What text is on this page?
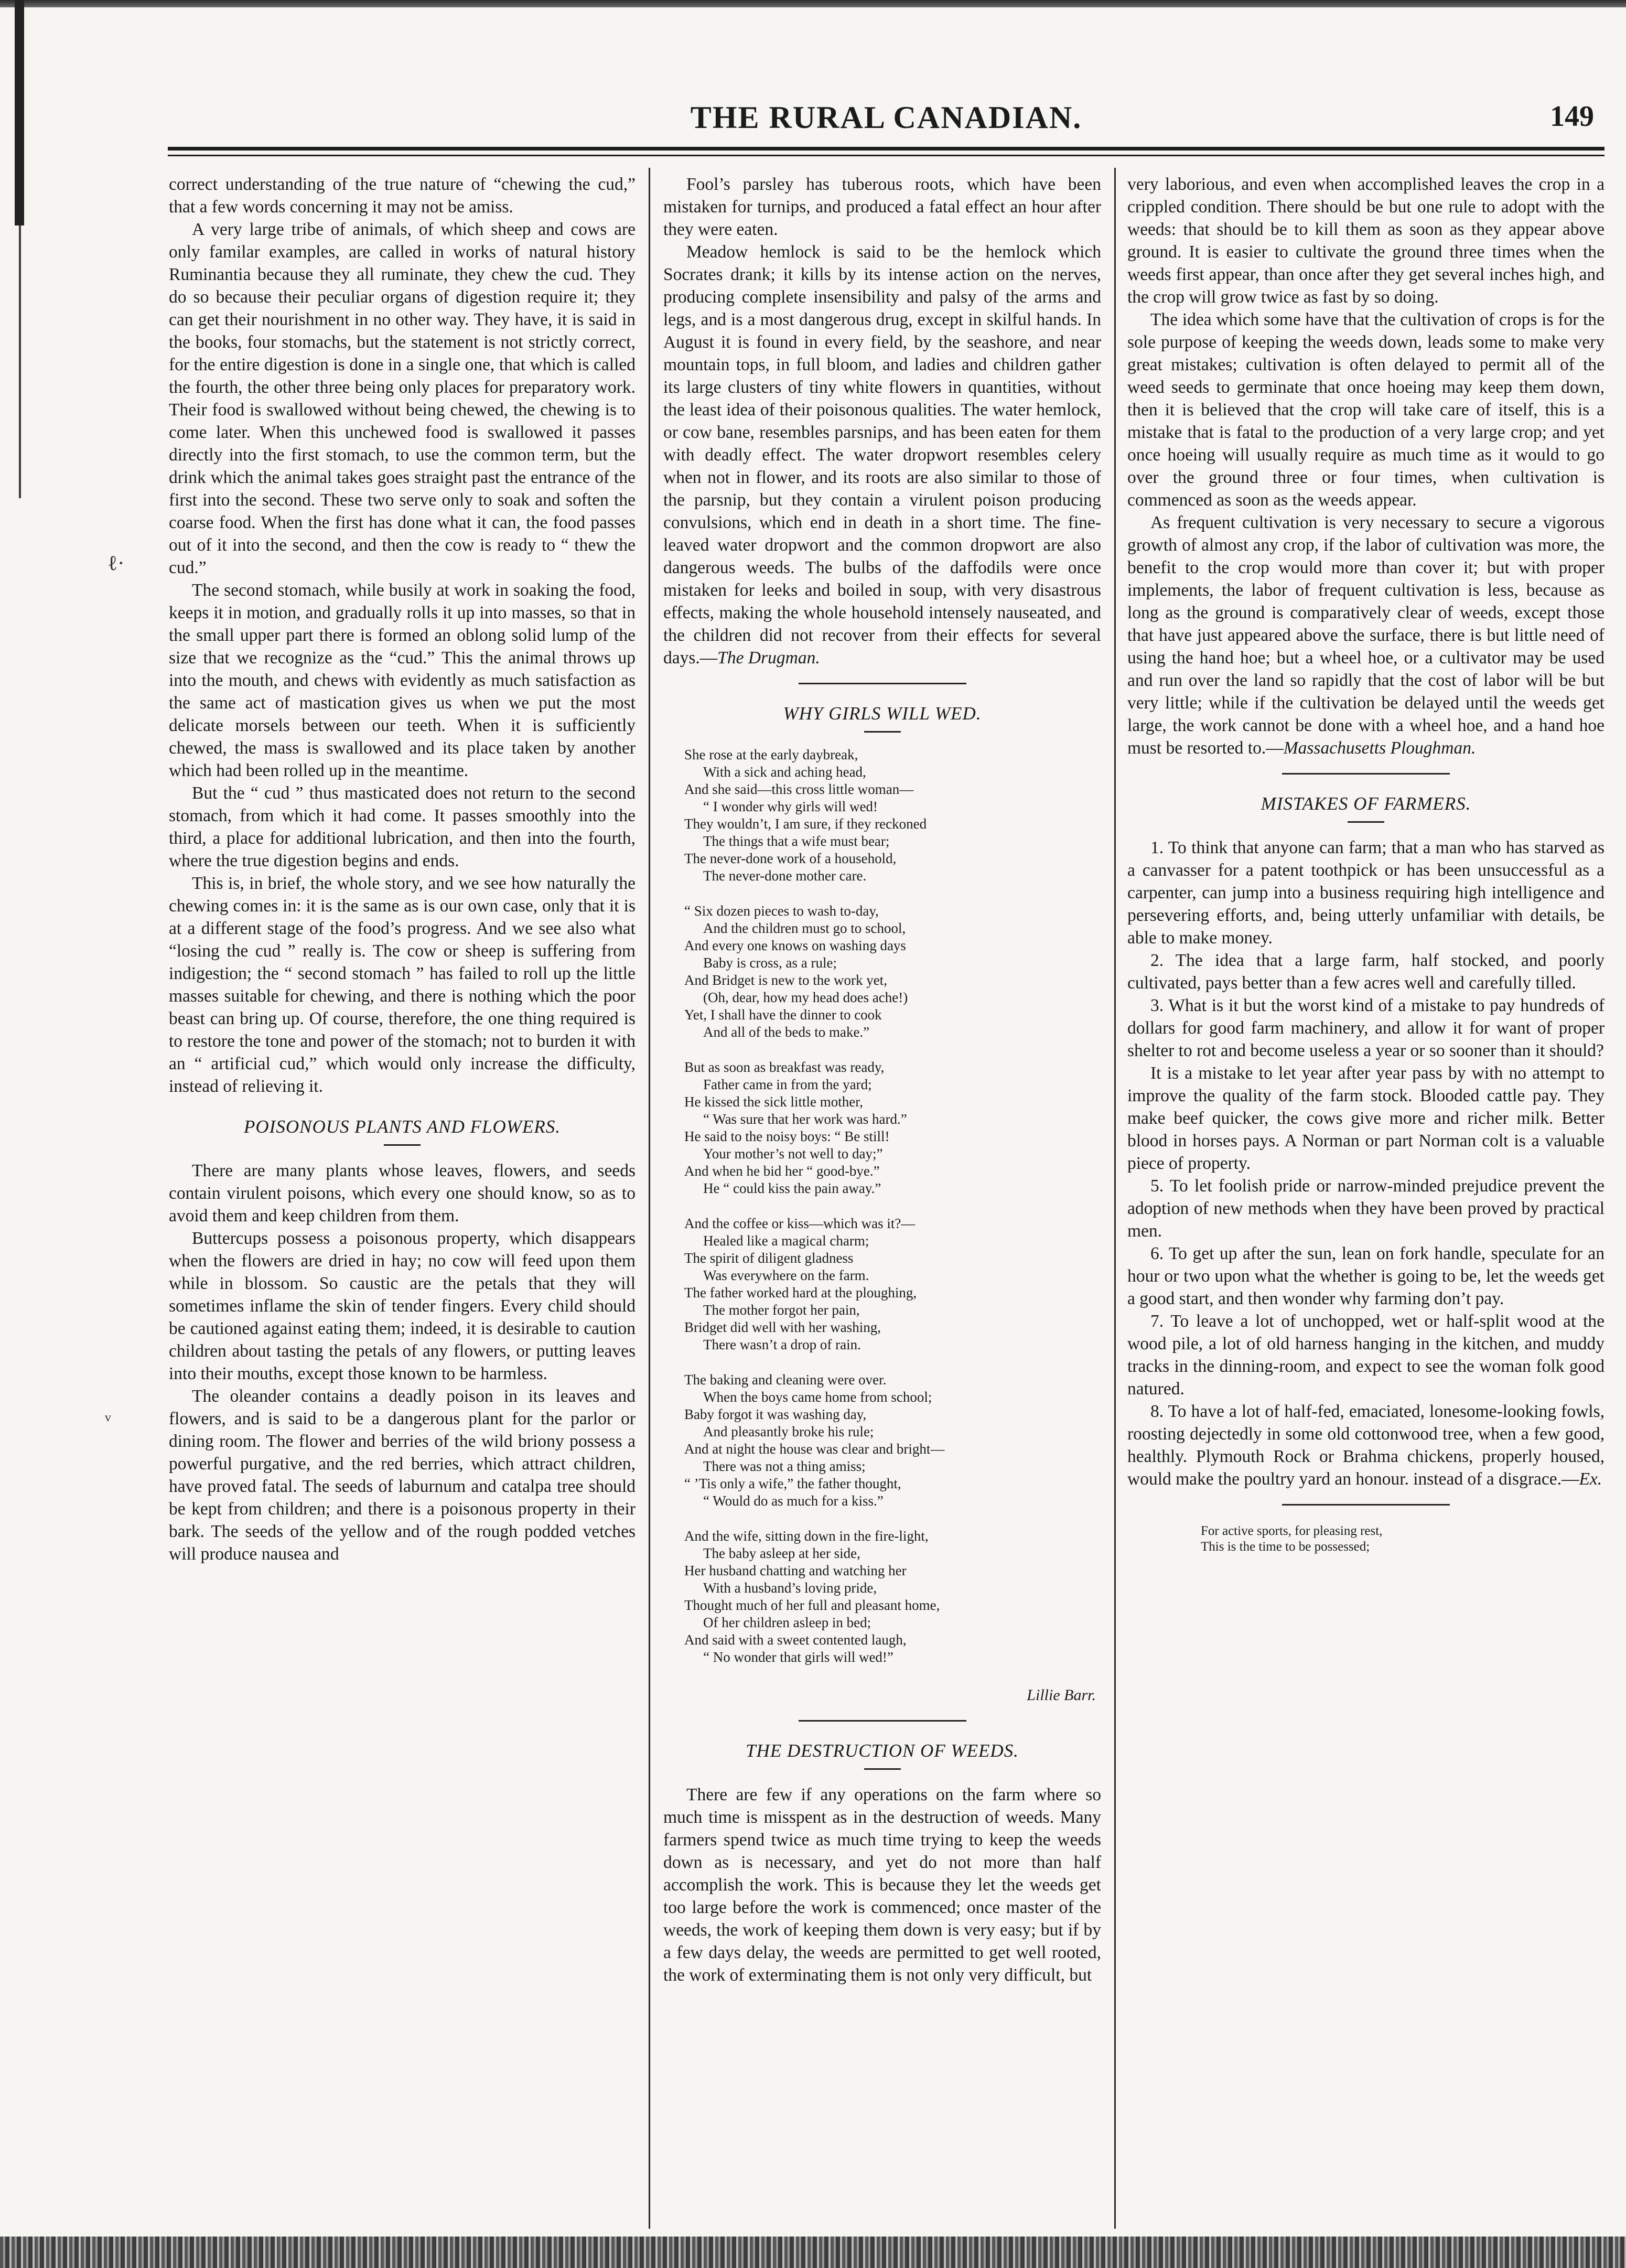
THE RURAL CANADIAN.	149

correct understanding of the true nature of “chewing the cud,” that a few words concerning it may not be amiss.

A very large tribe of animals, of which sheep and cows are only familar examples, are called in works of natural history Ruminantia because they all ruminate, they chew the cud. They do so because their peculiar organs of digestion require it; they can get their nourishment in no other way. They have, it is said in the books, four stomachs, but the statement is not strictly correct, for the entire digestion is done in a single one, that which is called the fourth, the other three being only places for preparatory work. Their food is swallowed without being chewed, the chewing is to come later. When this unchewed food is swallowed it passes directly into the first stomach, to use the common term, but the drink which the animal takes goes straight past the entrance of the first into the second. These two serve only to soak and soften the coarse food. When the first has done what it can, the food passes out of it into the second, and then the cow is ready to “ thew the cud.”

The second stomach, while busily at work in soaking the food, keeps it in motion, and gradually rolls it up into masses, so that in the small upper part there is formed an oblong solid lump of the size that we recognize as the “cud.” This the animal throws up into the mouth, and chews with evidently as much satisfaction as the same act of mastication gives us when we put the most delicate morsels between our teeth. When it is sufficiently chewed, the mass is swallowed and its place taken by another which had been rolled up in the meantime.

But the “ cud ” thus masticated does not return to the second stomach, from which it had come. It passes smoothly into the third, a place for additional lubrication, and then into the fourth, where the true digestion begins and ends.

This is, in brief, the whole story, and we see how naturally the chewing comes in: it is the same as is our own case, only that it is at a different stage of the food’s progress. And we see also what “losing the cud ” really is. The cow or sheep is suffering from indigestion; the “ second stomach ” has failed to roll up the little masses suitable for chewing, and there is nothing which the poor beast can bring up. Of course, therefore, the one thing required is to restore the tone and power of the stomach; not to burden it with an “ artificial cud,” which would only increase the difficulty, instead of relieving it.

POISONOUS PLANTS AND FLOWERS.

There are many plants whose leaves, flowers, and seeds contain virulent poisons, which every one should know, so as to avoid them and keep children from them.

Buttercups possess a poisonous property, which disappears when the flowers are dried in hay; no cow will feed upon them while in blossom. So caustic are the petals that they will sometimes inflame the skin of tender fingers. Every child should be cautioned against eating them; indeed, it is desirable to caution children about tasting the petals of any flowers, or putting leaves into their mouths, except those known to be harmless.

The oleander contains a deadly poison in its leaves and flowers, and is said to be a dangerous plant for the parlor or dining room. The flower and berries of the wild briony possess a powerful purgative, and the red berries, which attract children, have proved fatal. The seeds of laburnum and catalpa tree should be kept from children; and there is a poisonous property in their bark. The seeds of the yellow and of the rough podded vetches will produce nausea and

Fool’s parsley has tuberous roots, which have been mistaken for turnips, and produced a fatal effect an hour after they were eaten.

Meadow hemlock is said to be the hemlock which Socrates drank; it kills by its intense action on the nerves, producing complete insensibility and palsy of the arms and legs, and is a most dangerous drug, except in skilful hands. In August it is found in every field, by the seashore, and near mountain tops, in full bloom, and ladies and children gather its large clusters of tiny white flowers in quantities, without the least idea of their poisonous qualities. The water hemlock, or cow bane, resembles parsnips, and has been eaten for them with deadly effect. The water dropwort resembles celery when not in flower, and its roots are also similar to those of the parsnip, but they contain a virulent poison producing convulsions, which end in death in a short time. The fine-leaved water dropwort and the common dropwort are also dangerous weeds. The bulbs of the daffodils were once mistaken for leeks and boiled in soup, with very disastrous effects, making the whole household intensely nauseated, and the children did not recover from their effects for several days.—The Drugman.

WHY GIRLS WILL WED.
She rose at the early daybreak,
With a sick and aching head,
And she said—this cross little woman—
“ I wonder why girls will wed!
They wouldn’t, I am sure, if they reckoned
The things that a wife must bear;
The never-done work of a household,
The never-done mother care.
“ Six dozen pieces to wash to-day,
And the children must go to school,
And every one knows on washing days
Baby is cross, as a rule;
And Bridget is new to the work yet,
(Oh, dear, how my head does ache!)
Yet, I shall have the dinner to cook
And all of the beds to make.”
But as soon as breakfast was ready,
Father came in from the yard;
He kissed the sick little mother,
“ Was sure that her work was hard.”
He said to the noisy boys: “ Be still!
Your mother’s not well to day;”
And when he bid her “ good-bye.”
He “ could kiss the pain away.”
And the coffee or kiss—which was it?—
Healed like a magical charm;
The spirit of diligent gladness
Was everywhere on the farm.
The father worked hard at the ploughing,
The mother forgot her pain,
Bridget did well with her washing,
There wasn’t a drop of rain.
The baking and cleaning were over.
When the boys came home from school;
Baby forgot it was washing day,
And pleasantly broke his rule;
And at night the house was clear and bright—
There was not a thing amiss;
“ ’Tis only a wife,” the father thought,
“ Would do as much for a kiss.”
And the wife, sitting down in the fire-light,
The baby asleep at her side,
Her husband chatting and watching her
With a husband’s loving pride,
Thought much of her full and pleasant home,
Of her children asleep in bed;
And said with a sweet contented laugh,
“ No wonder that girls will wed!”
Lillie Barr.
THE DESTRUCTION OF WEEDS.

There are few if any operations on the farm where so much time is misspent as in the destruction of weeds. Many farmers spend twice as much time trying to keep the weeds down as is necessary, and yet do not more than half accomplish the work. This is because they let the weeds get too large before the work is commenced; once master of the weeds, the work of keeping them down is very easy; but if by a few days delay, the weeds are permitted to get well rooted, the work of exterminating them is not only very difficult, but

very laborious, and even when accomplished leaves the crop in a crippled condition. There should be but one rule to adopt with the weeds: that should be to kill them as soon as they appear above ground. It is easier to cultivate the ground three times when the weeds first appear, than once after they get several inches high, and the crop will grow twice as fast by so doing.

The idea which some have that the cultivation of crops is for the sole purpose of keeping the weeds down, leads some to make very great mistakes; cultivation is often delayed to permit all of the weed seeds to germinate that once hoeing may keep them down, then it is believed that the crop will take care of itself, this is a mistake that is fatal to the production of a very large crop; and yet once hoeing will usually require as much time as it would to go over the ground three or four times, when cultivation is commenced as soon as the weeds appear.

As frequent cultivation is very necessary to secure a vigorous growth of almost any crop, if the labor of cultivation was more, the benefit to the crop would more than cover it; but with proper implements, the labor of frequent cultivation is less, because as long as the ground is comparatively clear of weeds, except those that have just appeared above the surface, there is but little need of using the hand hoe; but a wheel hoe, or a cultivator may be used and run over the land so rapidly that the cost of labor will be but very little; while if the cultivation be delayed until the weeds get large, the work cannot be done with a wheel hoe, and a hand hoe must be resorted to.—Massachusetts Ploughman.

MISTAKES OF FARMERS.

1. To think that anyone can farm; that a man who has starved as a canvasser for a patent toothpick or has been unsuccessful as a carpenter, can jump into a business requiring high intelligence and persevering efforts, and, being utterly unfamiliar with details, be able to make money.

2. The idea that a large farm, half stocked, and poorly cultivated, pays better than a few acres well and carefully tilled.

3. What is it but the worst kind of a mistake to pay hundreds of dollars for good farm machinery, and allow it for want of proper shelter to rot and become useless a year or so sooner than it should?

It is a mistake to let year after year pass by with no attempt to improve the quality of the farm stock. Blooded cattle pay. They make beef quicker, the cows give more and richer milk. Better blood in horses pays. A Norman or part Norman colt is a valuable piece of property.

5. To let foolish pride or narrow-minded prejudice prevent the adoption of new methods when they have been proved by practical men.

6. To get up after the sun, lean on fork handle, speculate for an hour or two upon what the whether is going to be, let the weeds get a good start, and then wonder why farming don’t pay.

7. To leave a lot of unchopped, wet or half-split wood at the wood pile, a lot of old harness hanging in the kitchen, and muddy tracks in the dinning-room, and expect to see the woman folk good natured.

8. To have a lot of half-fed, emaciated, lonesome-looking fowls, roosting dejectedly in some old cottonwood tree, when a few good, healthly. Plymouth Rock or Brahma chickens, properly housed, would make the poultry yard an honour. instead of a disgrace.—Ex.

For active sports, for pleasing rest,
This is the time to be possessed;
ℓ·
ᵥ
